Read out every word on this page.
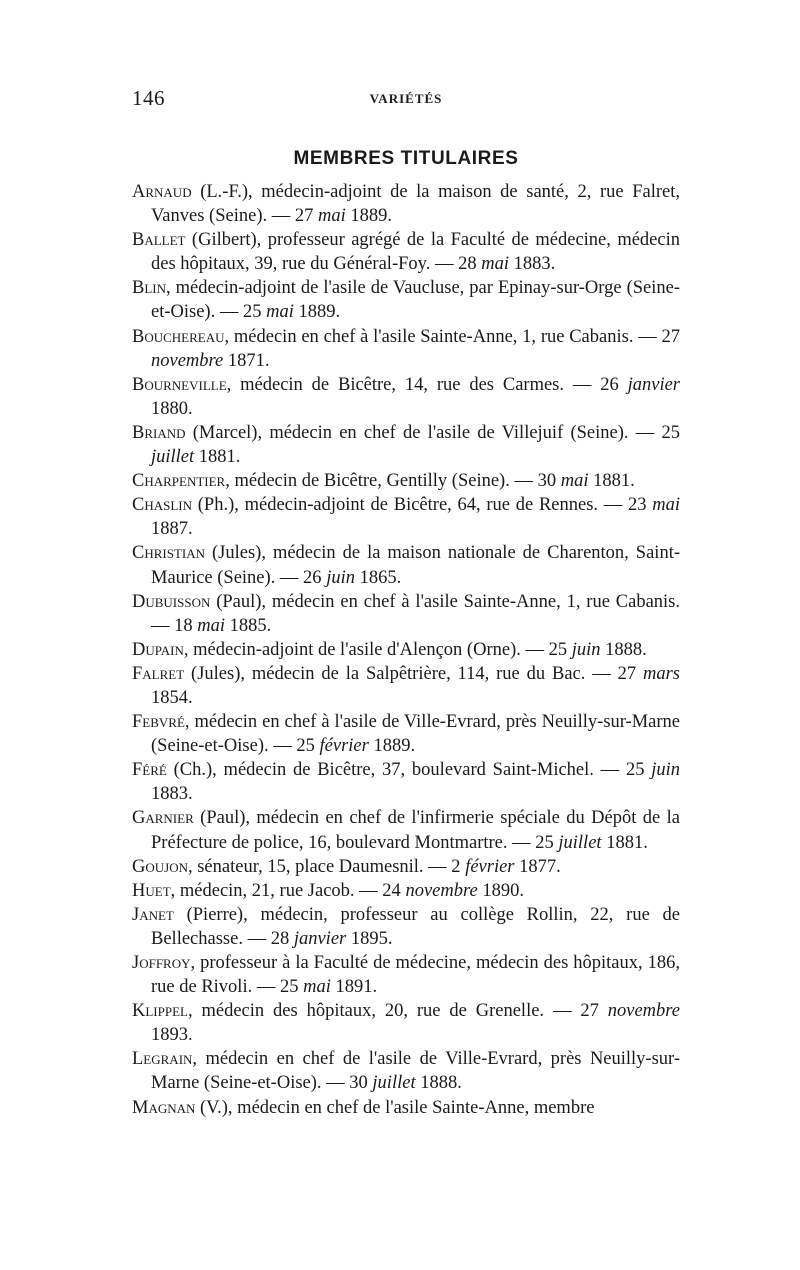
146	VARIÉTÉS
MEMBRES TITULAIRES
Arnaud (L.-F.), médecin-adjoint de la maison de santé, 2, rue Falret, Vanves (Seine). — 27 mai 1889.
Ballet (Gilbert), professeur agrégé de la Faculté de médecine, médecin des hôpitaux, 39, rue du Général-Foy. — 28 mai 1883.
Blin, médecin-adjoint de l'asile de Vaucluse, par Epinay-sur-Orge (Seine-et-Oise). — 25 mai 1889.
Bouchereau, médecin en chef à l'asile Sainte-Anne, 1, rue Cabanis. — 27 novembre 1871.
Bourneville, médecin de Bicêtre, 14, rue des Carmes. — 26 janvier 1880.
Briand (Marcel), médecin en chef de l'asile de Villejuif (Seine). — 25 juillet 1881.
Charpentier, médecin de Bicêtre, Gentilly (Seine). — 30 mai 1881.
Chaslin (Ph.), médecin-adjoint de Bicêtre, 64, rue de Rennes. — 23 mai 1887.
Christian (Jules), médecin de la maison nationale de Charenton, Saint-Maurice (Seine). — 26 juin 1865.
Dubuisson (Paul), médecin en chef à l'asile Sainte-Anne, 1, rue Cabanis. — 18 mai 1885.
Dupain, médecin-adjoint de l'asile d'Alençon (Orne). — 25 juin 1888.
Falret (Jules), médecin de la Salpêtrière, 114, rue du Bac. — 27 mars 1854.
Febvré, médecin en chef à l'asile de Ville-Evrard, près Neuilly-sur-Marne (Seine-et-Oise). — 25 février 1889.
Féré (Ch.), médecin de Bicêtre, 37, boulevard Saint-Michel. — 25 juin 1883.
Garnier (Paul), médecin en chef de l'infirmerie spéciale du Dépôt de la Préfecture de police, 16, boulevard Montmartre. — 25 juillet 1881.
Goujon, sénateur, 15, place Daumesnil. — 2 février 1877.
Huet, médecin, 21, rue Jacob. — 24 novembre 1890.
Janet (Pierre), médecin, professeur au collège Rollin, 22, rue de Bellechasse. — 28 janvier 1895.
Joffroy, professeur à la Faculté de médecine, médecin des hôpitaux, 186, rue de Rivoli. — 25 mai 1891.
Klippel, médecin des hôpitaux, 20, rue de Grenelle. — 27 novembre 1893.
Legrain, médecin en chef de l'asile de Ville-Evrard, près Neuilly-sur-Marne (Seine-et-Oise). — 30 juillet 1888.
Magnan (V.), médecin en chef de l'asile Sainte-Anne, membre
